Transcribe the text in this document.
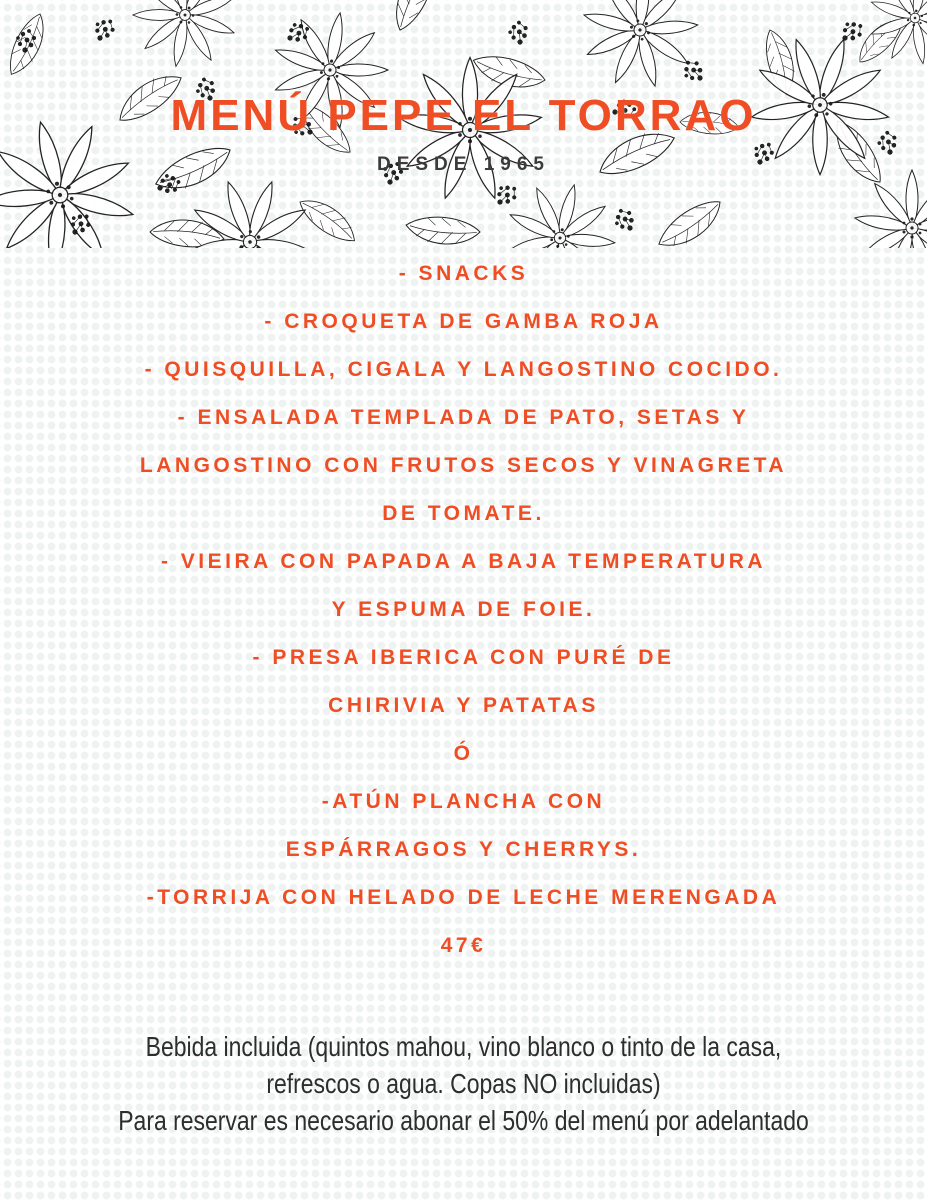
MENÚ PEPE EL TORRAO
DESDE 1965
- SNACKS
- CROQUETA DE GAMBA ROJA
- QUISQUILLA, CIGALA Y LANGOSTINO COCIDO.
- ENSALADA TEMPLADA DE PATO, SETAS Y
LANGOSTINO CON FRUTOS SECOS Y VINAGRETA
DE TOMATE.
- VIEIRA CON PAPADA A BAJA TEMPERATURA
Y ESPUMA DE FOIE.
- PRESA IBERICA CON PURÉ DE
CHIRIVIA Y PATATAS
Ó
-ATÚN PLANCHA CON
ESPÁRRAGOS Y CHERRYS.
-TORRIJA CON HELADO DE LECHE MERENGADA
47€
Bebida incluida (quintos mahou, vino blanco o tinto de la casa,
refrescos o agua. Copas NO incluidas)
Para reservar es necesario abonar el 50% del menú por adelantado
